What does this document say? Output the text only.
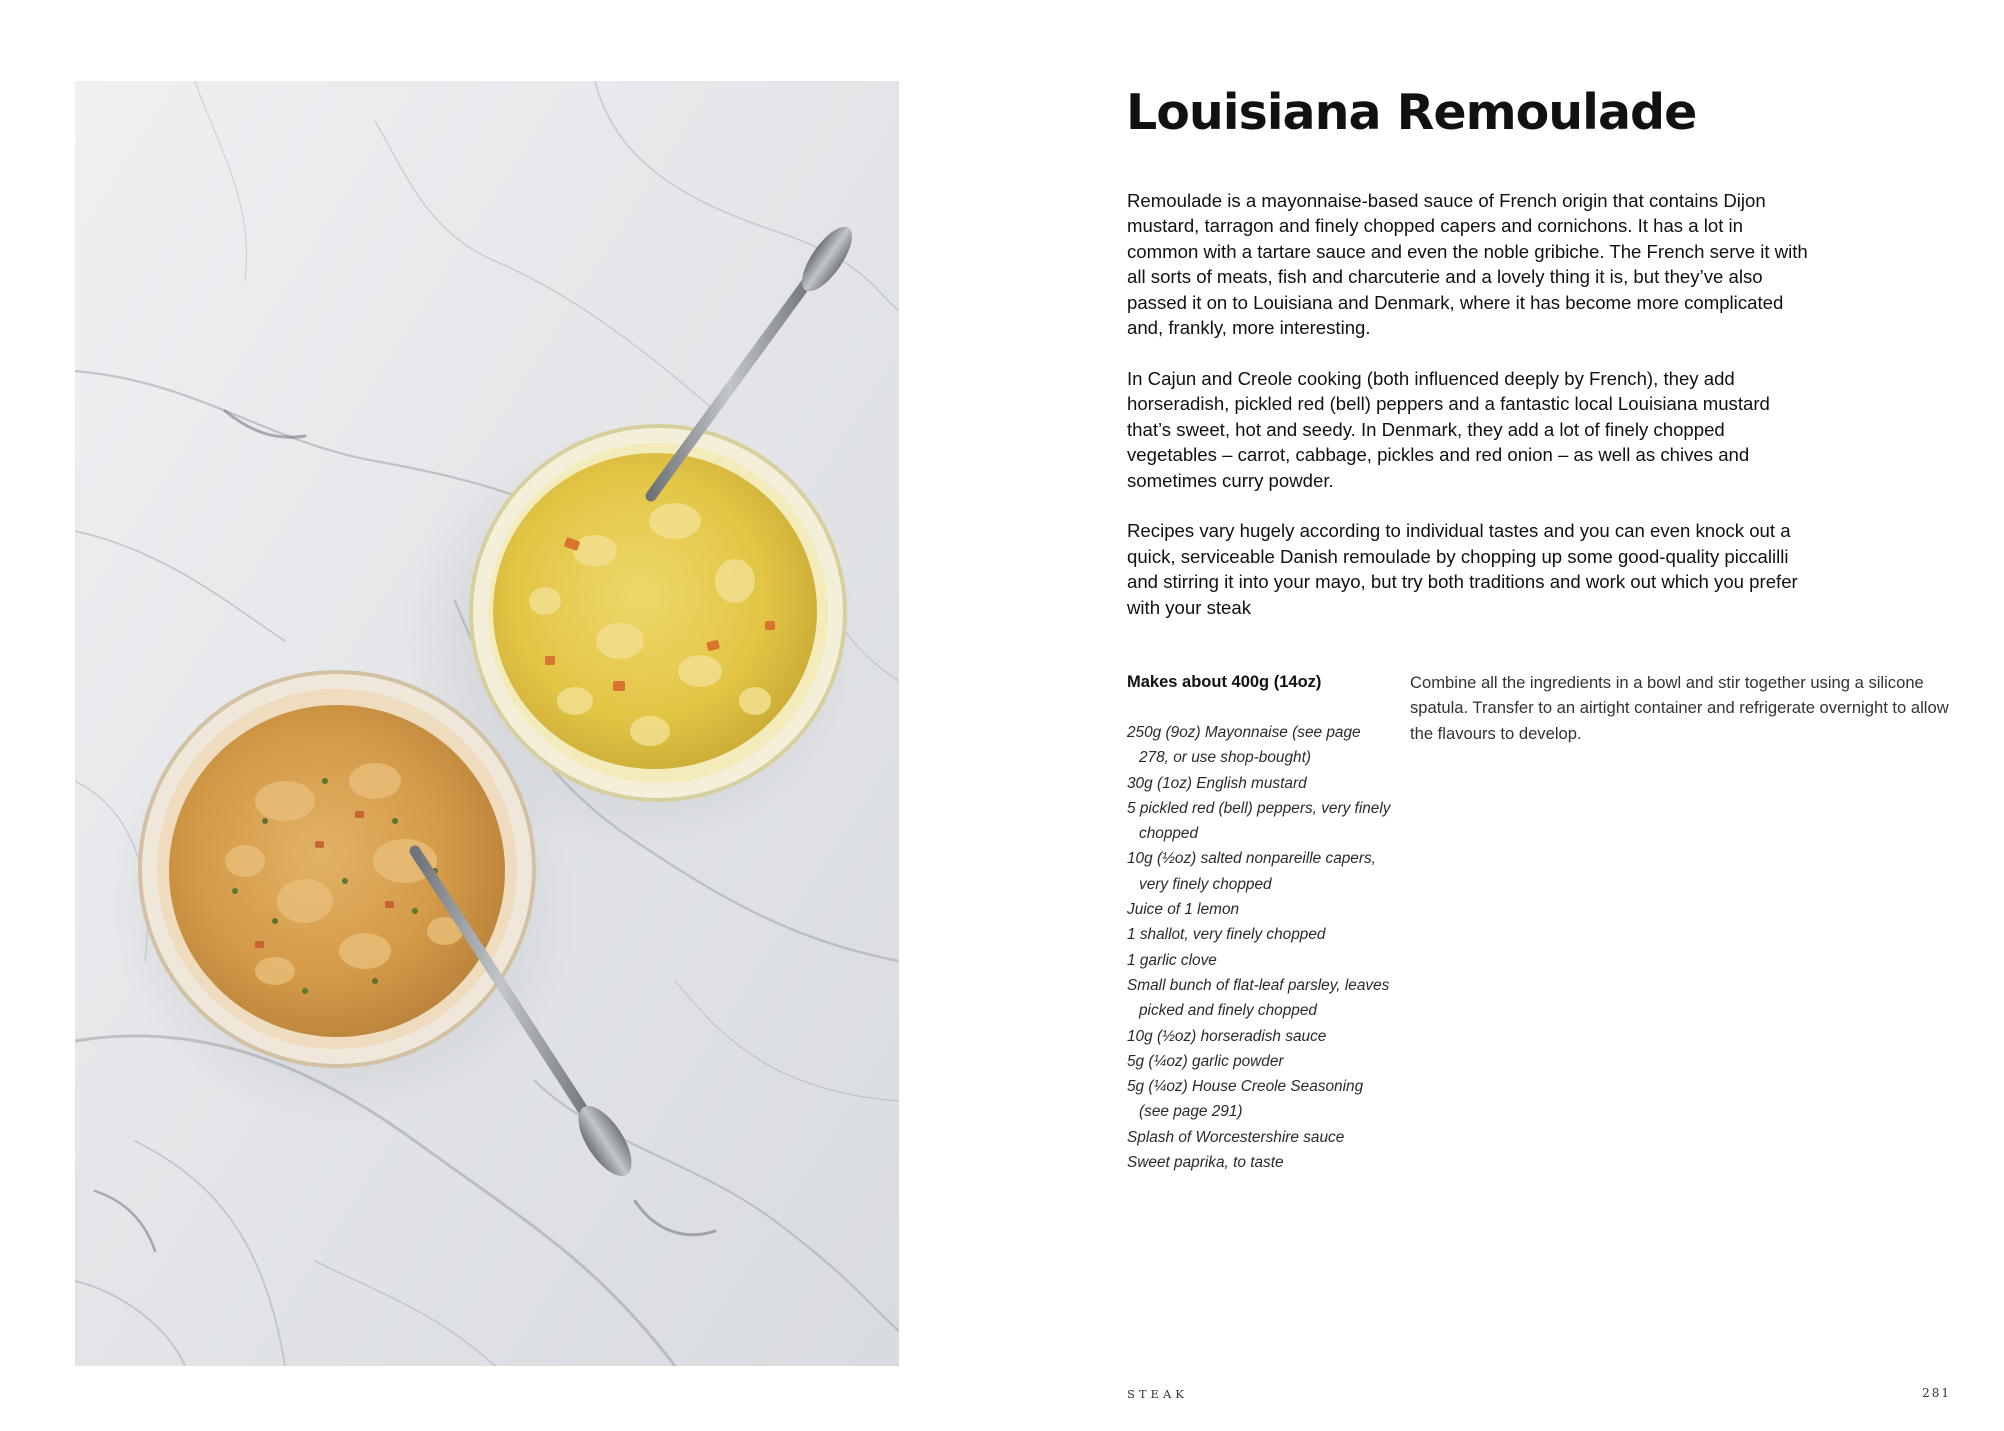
Louisiana Remoulade

Remoulade is a mayonnaise-based sauce of French origin that contains Dijon mustard, tarragon and finely chopped capers and cornichons. It has a lot in common with a tartare sauce and even the noble gribiche. The French serve it with all sorts of meats, fish and charcuterie and a lovely thing it is, but they’ve also passed it on to Louisiana and Denmark, where it has become more complicated and, frankly, more interesting.

In Cajun and Creole cooking (both influenced deeply by French), they add horseradish, pickled red (bell) peppers and a fantastic local Louisiana mustard that’s sweet, hot and seedy. In Denmark, they add a lot of finely chopped vegetables – carrot, cabbage, pickles and red onion – as well as chives and sometimes curry powder.

Recipes vary hugely according to individual tastes and you can even knock out a quick, serviceable Danish remoulade by chopping up some good-quality piccalilli and stirring it into your mayo, but try both traditions and work out which you prefer with your steak

Makes about 400g (14oz)

250g (9oz) Mayonnaise (see page 278, or use shop-bought)
30g (1oz) English mustard
5 pickled red (bell) peppers, very finely chopped
10g (½oz) salted nonpareille capers, very finely chopped
Juice of 1 lemon
1 shallot, very finely chopped
1 garlic clove
Small bunch of flat-leaf parsley, leaves picked and finely chopped
10g (½oz) horseradish sauce
5g (¼oz) garlic powder
5g (¼oz) House Creole Seasoning (see page 291)
Splash of Worcestershire sauce
Sweet paprika, to taste

Combine all the ingredients in a bowl and stir together using a silicone spatula. Transfer to an airtight container and refrigerate overnight to allow the flavours to develop.

STEAK	281
